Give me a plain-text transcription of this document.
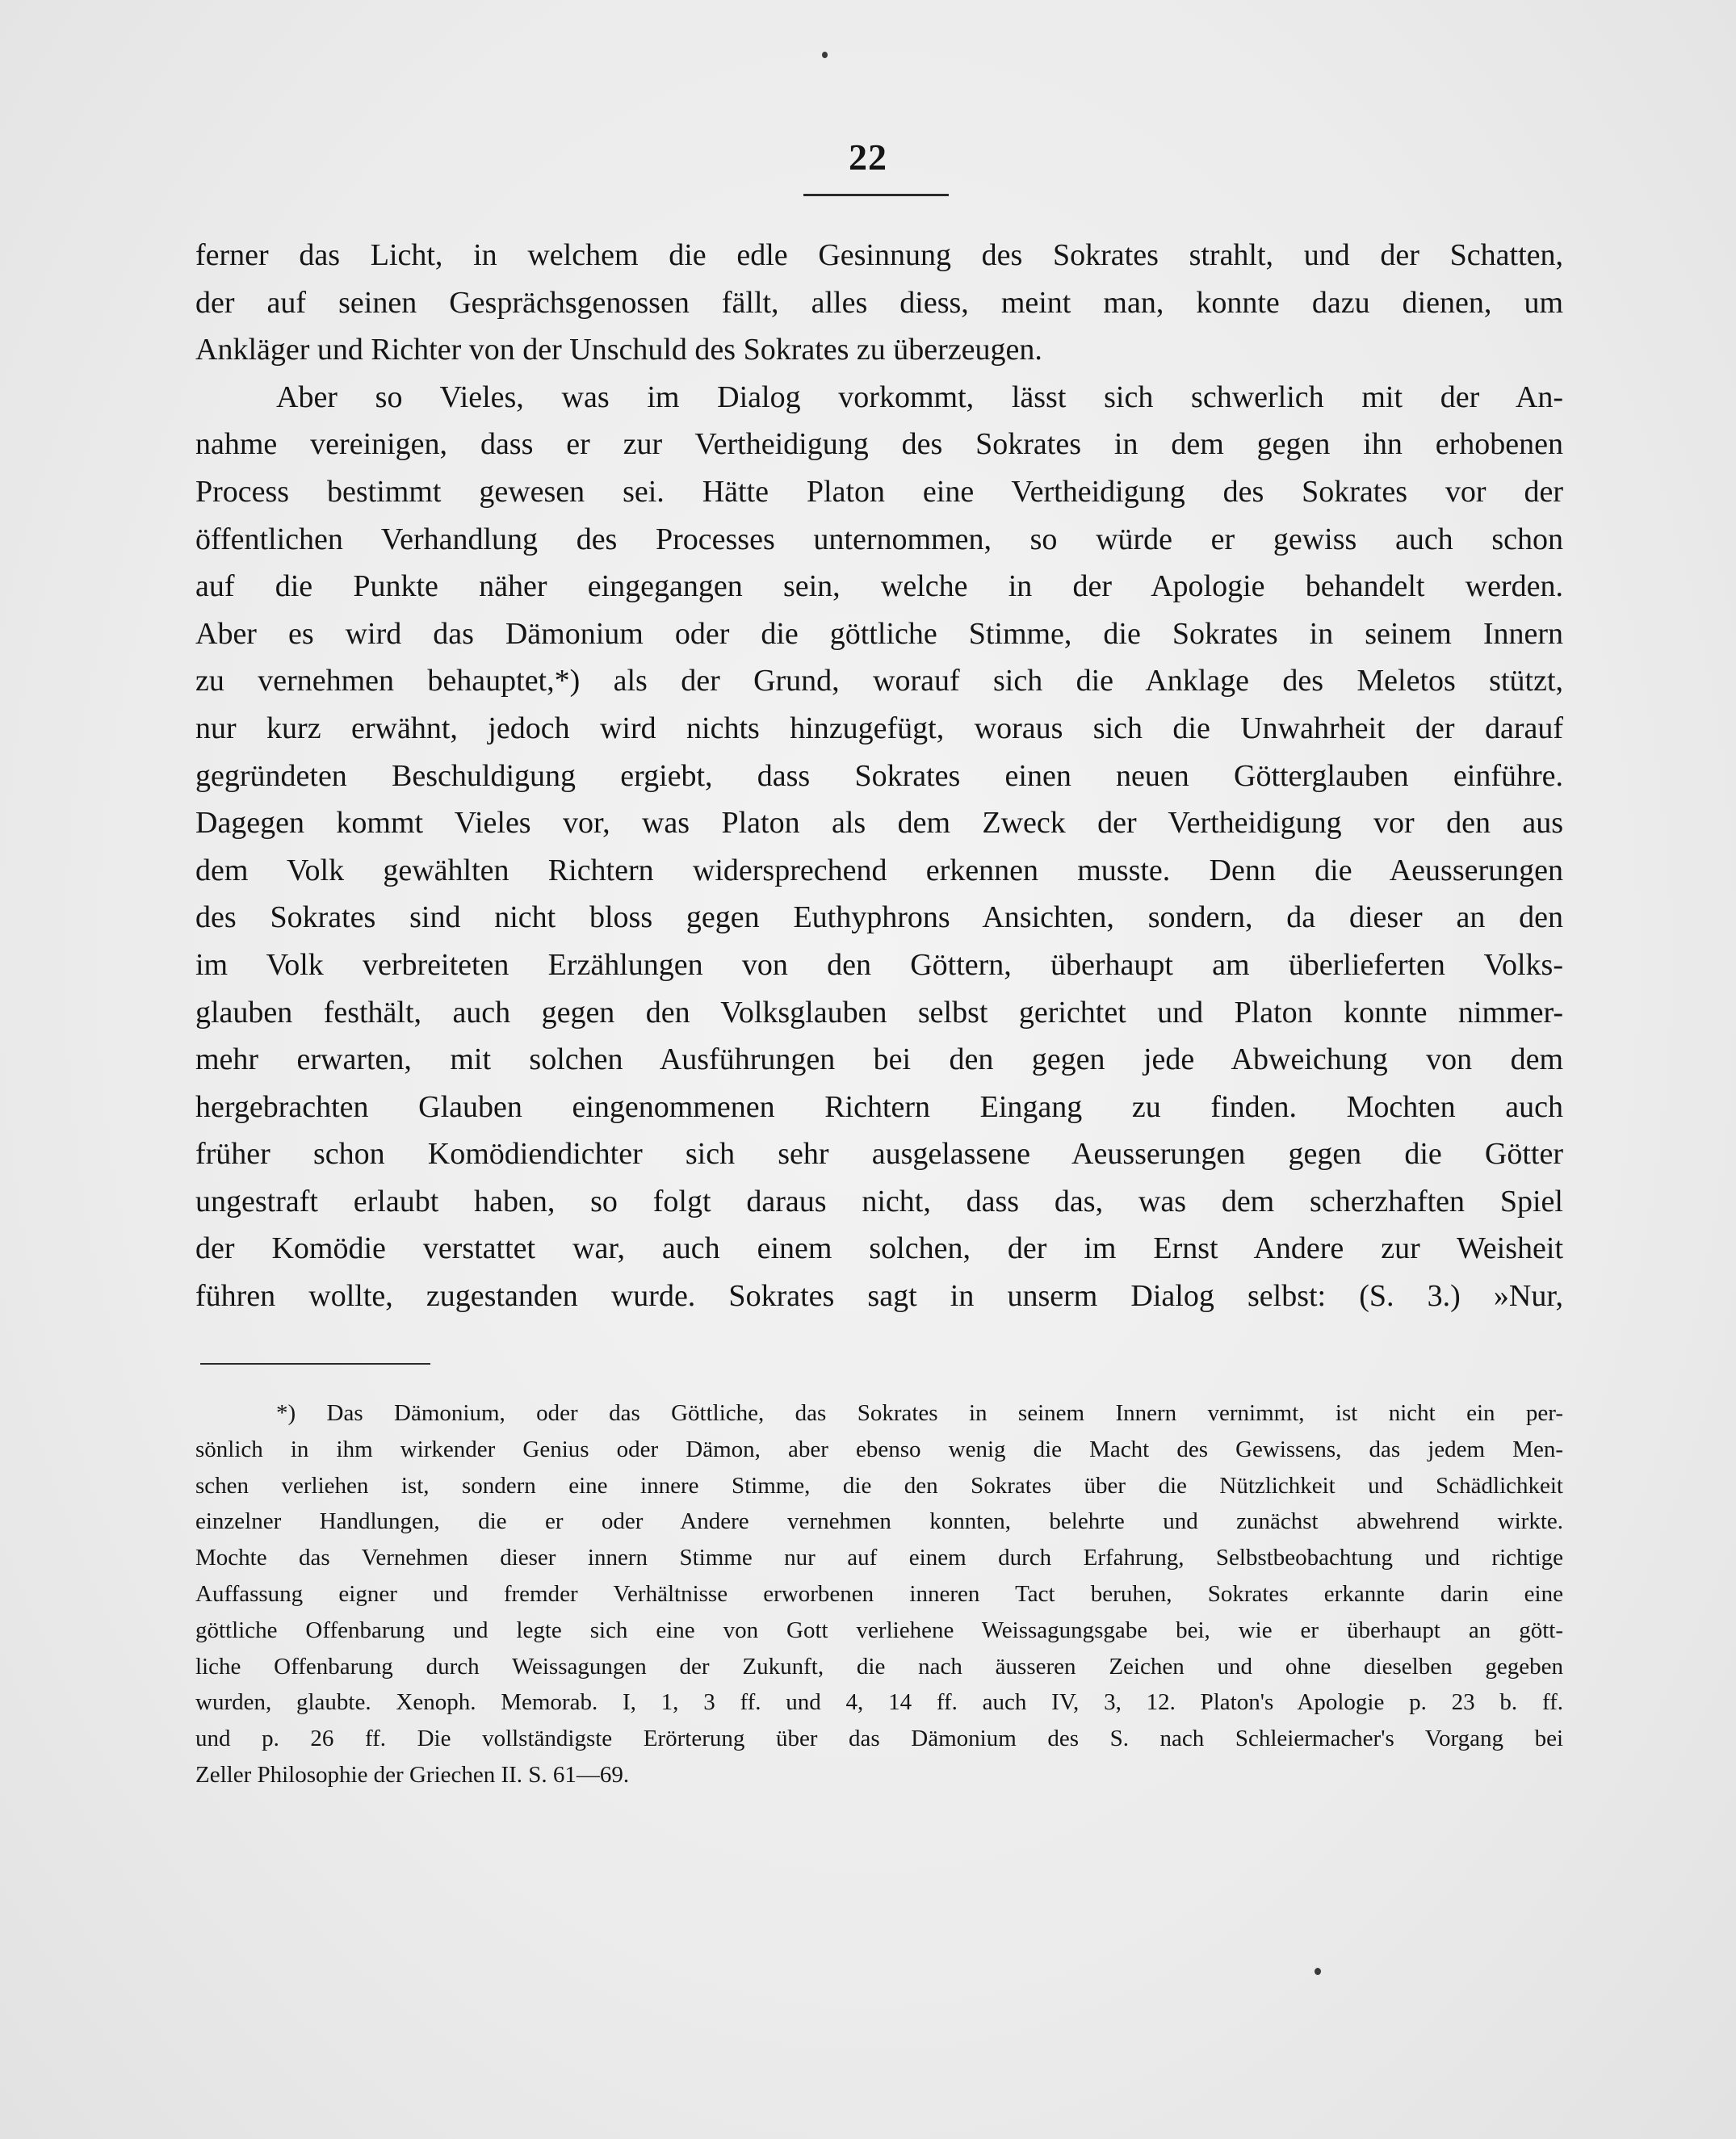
22
ferner das Licht, in welchem die edle Gesinnung des Sokrates strahlt, und der Schatten,
der auf seinen Gesprächsgenossen fällt, alles diess, meint man, konnte dazu dienen, um
Ankläger und Richter von der Unschuld des Sokrates zu überzeugen.
Aber so Vieles, was im Dialog vorkommt, lässt sich schwerlich mit der An-
nahme vereinigen, dass er zur Vertheidigung des Sokrates in dem gegen ihn erhobenen
Process bestimmt gewesen sei. Hätte Platon eine Vertheidigung des Sokrates vor der
öffentlichen Verhandlung des Processes unternommen, so würde er gewiss auch schon
auf die Punkte näher eingegangen sein, welche in der Apologie behandelt werden.
Aber es wird das Dämonium oder die göttliche Stimme, die Sokrates in seinem Innern
zu vernehmen behauptet,*) als der Grund, worauf sich die Anklage des Meletos stützt,
nur kurz erwähnt, jedoch wird nichts hinzugefügt, woraus sich die Unwahrheit der darauf
gegründeten Beschuldigung ergiebt, dass Sokrates einen neuen Götterglauben einführe.
Dagegen kommt Vieles vor, was Platon als dem Zweck der Vertheidigung vor den aus
dem Volk gewählten Richtern widersprechend erkennen musste. Denn die Aeusserungen
des Sokrates sind nicht bloss gegen Euthyphrons Ansichten, sondern, da dieser an den
im Volk verbreiteten Erzählungen von den Göttern, überhaupt am überlieferten Volks-
glauben festhält, auch gegen den Volksglauben selbst gerichtet und Platon konnte nimmer-
mehr erwarten, mit solchen Ausführungen bei den gegen jede Abweichung von dem
hergebrachten Glauben eingenommenen Richtern Eingang zu finden. Mochten auch
früher schon Komödiendichter sich sehr ausgelassene Aeusserungen gegen die Götter
ungestraft erlaubt haben, so folgt daraus nicht, dass das, was dem scherzhaften Spiel
der Komödie verstattet war, auch einem solchen, der im Ernst Andere zur Weisheit
führen wollte, zugestanden wurde. Sokrates sagt in unserm Dialog selbst: (S. 3.) »Nur,
*) Das Dämonium, oder das Göttliche, das Sokrates in seinem Innern vernimmt, ist nicht ein per-
sönlich in ihm wirkender Genius oder Dämon, aber ebenso wenig die Macht des Gewissens, das jedem Men-
schen verliehen ist, sondern eine innere Stimme, die den Sokrates über die Nützlichkeit und Schädlichkeit
einzelner Handlungen, die er oder Andere vernehmen konnten, belehrte und zunächst abwehrend wirkte.
Mochte das Vernehmen dieser innern Stimme nur auf einem durch Erfahrung, Selbstbeobachtung und richtige
Auffassung eigner und fremder Verhältnisse erworbenen inneren Tact beruhen, Sokrates erkannte darin eine
göttliche Offenbarung und legte sich eine von Gott verliehene Weissagungsgabe bei, wie er überhaupt an gött-
liche Offenbarung durch Weissagungen der Zukunft, die nach äusseren Zeichen und ohne dieselben gegeben
wurden, glaubte. Xenoph. Memorab. I, 1, 3 ff. und 4, 14 ff. auch IV, 3, 12. Platon's Apologie p. 23 b. ff.
und p. 26 ff. Die vollständigste Erörterung über das Dämonium des S. nach Schleiermacher's Vorgang bei
Zeller Philosophie der Griechen II. S. 61—69.
